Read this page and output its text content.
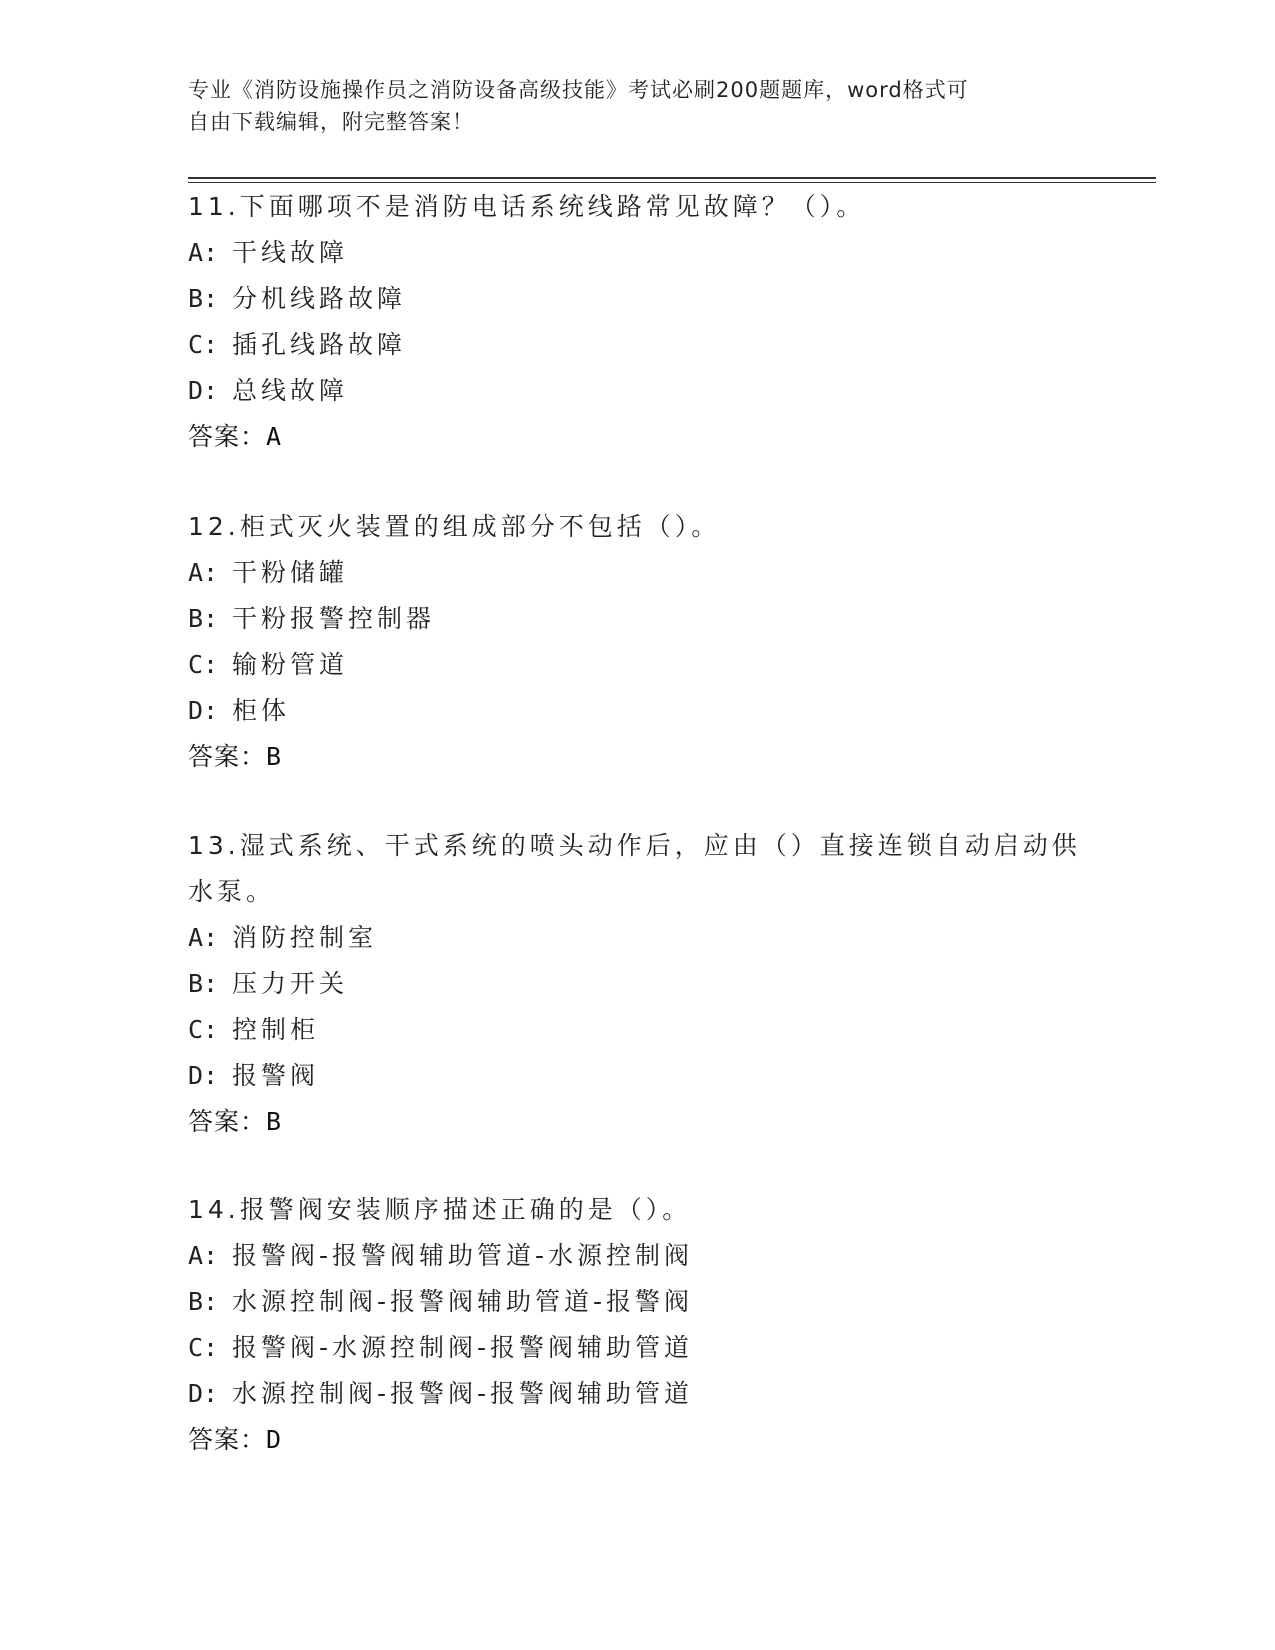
专业《消防设施操作员之消防设备高级技能》考试必刷200题题库，word格式可
自由下载编辑，附完整答案！

11.下面哪项不是消防电话系统线路常见故障？（）。

A: 干线故障

B: 分机线路故障

C: 插孔线路故障

D: 总线故障

答案：A

12.柜式灭火装置的组成部分不包括（）。

A: 干粉储罐

B: 干粉报警控制器

C: 输粉管道

D: 柜体

答案：B

13.湿式系统、干式系统的喷头动作后，应由（）直接连锁自动启动供

水泵。

A: 消防控制室

B: 压力开关

C: 控制柜

D: 报警阀

答案：B

14.报警阀安装顺序描述正确的是（）。

A: 报警阀-报警阀辅助管道-水源控制阀

B: 水源控制阀-报警阀辅助管道-报警阀

C: 报警阀-水源控制阀-报警阀辅助管道

D: 水源控制阀-报警阀-报警阀辅助管道

答案：D
